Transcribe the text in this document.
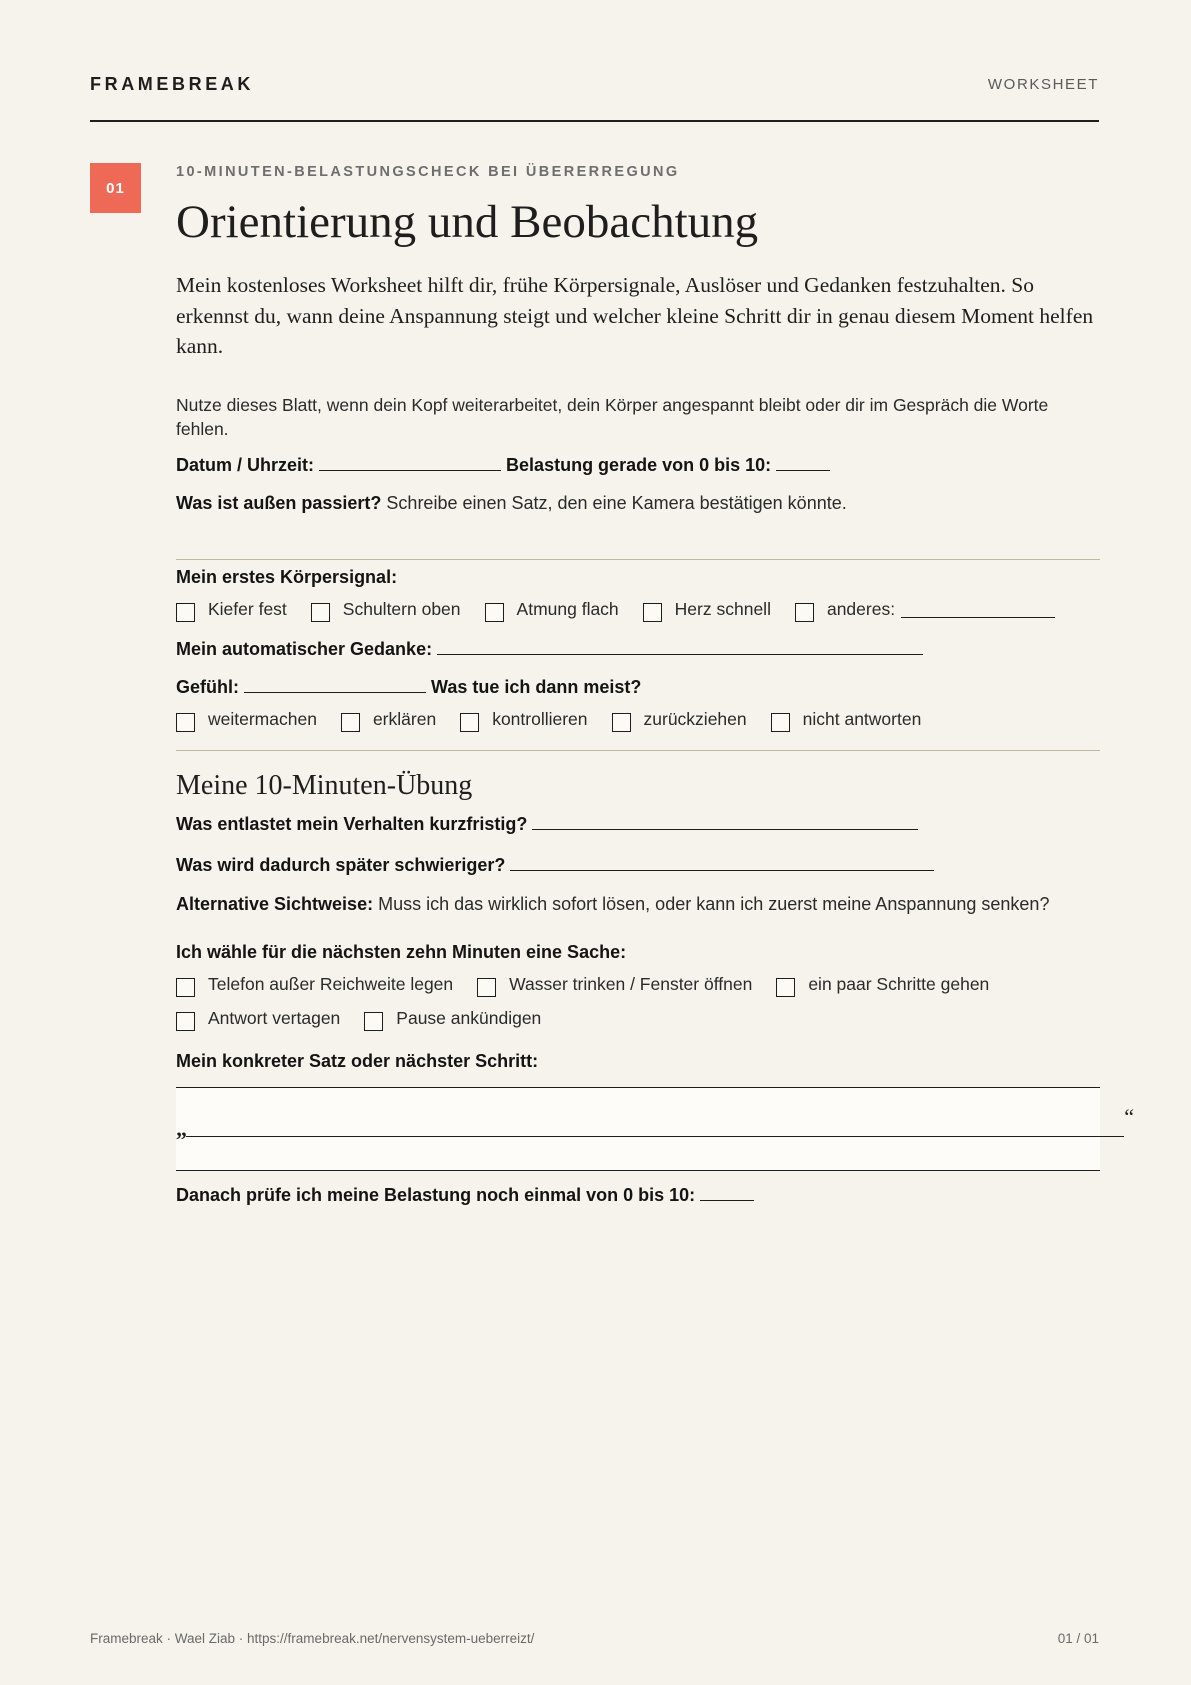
FRAMEBREAK	WORKSHEET
01
10-MINUTEN-BELASTUNGSCHECK BEI ÜBERERREGUNG
Orientierung und Beobachtung
Mein kostenloses Worksheet hilft dir, frühe Körpersignale, Auslöser und Gedanken festzuhalten. So erkennst du, wann deine Anspannung steigt und welcher kleine Schritt dir in genau diesem Moment helfen kann.
Nutze dieses Blatt, wenn dein Kopf weiterarbeitet, dein Körper angespannt bleibt oder dir im Gespräch die Worte fehlen.
Datum / Uhrzeit:	Belastung gerade von 0 bis 10:
Was ist außen passiert? Schreibe einen Satz, den eine Kamera bestätigen könnte.
Mein erstes Körpersignal:
Kiefer fest	Schultern oben	Atmung flach	Herz schnell	anderes:
Mein automatischer Gedanke:
Gefühl:	Was tue ich dann meist?
weitermachen	erklären	kontrollieren	zurückziehen	nicht antworten
Meine 10-Minuten-Übung
Was entlastet mein Verhalten kurzfristig?
Was wird dadurch später schwieriger?
Alternative Sichtweise: Muss ich das wirklich sofort lösen, oder kann ich zuerst meine Anspannung senken?
Ich wähle für die nächsten zehn Minuten eine Sache:
Telefon außer Reichweite legen	Wasser trinken / Fenster öffnen	ein paar Schritte gehen
Antwort vertagen	Pause ankündigen
Mein konkreter Satz oder nächster Schritt:
„	“
Danach prüfe ich meine Belastung noch einmal von 0 bis 10:
Framebreak · Wael Ziab · https://framebreak.net/nervensystem-ueberreizt/	01 / 01
